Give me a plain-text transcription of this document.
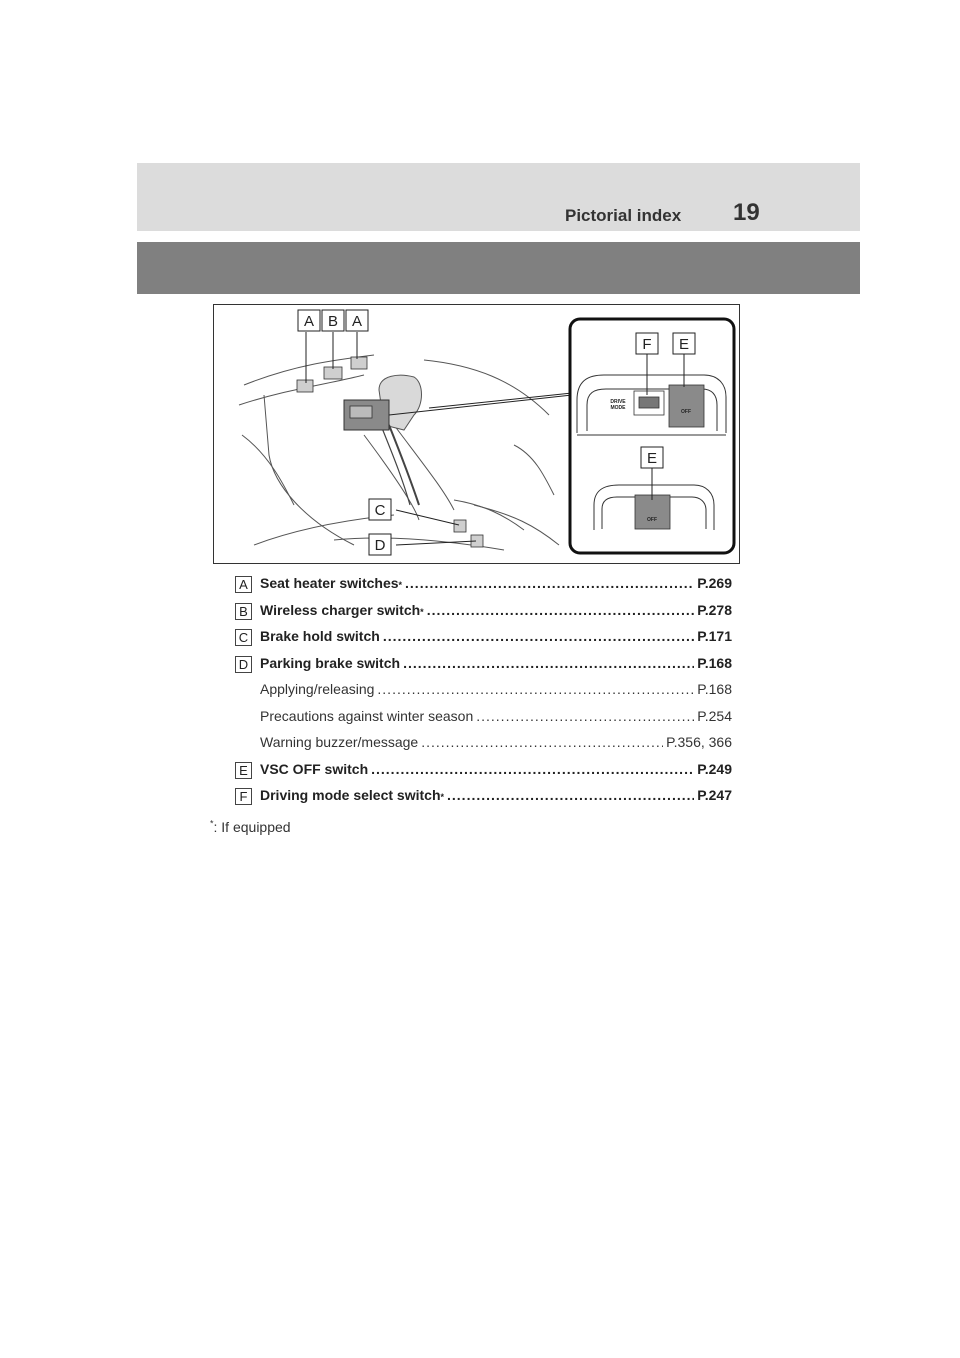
Pictorial index 19
A B A
C
D
DRIVE
MODE
OFF
F E
OFF
E
A Seat heater switches * .....	P.269
B Wireless charger switch * .....	P.278
C Brake hold switch .....	P.171
D Parking brake switch .....	P.168
Applying/releasing .....	P.168
Precautions against winter season .....	P.254
Warning buzzer/message .....	P.356, 366
E VSC OFF switch .....	P.249
F Driving mode select switch * .....	P.247
*: If equipped
